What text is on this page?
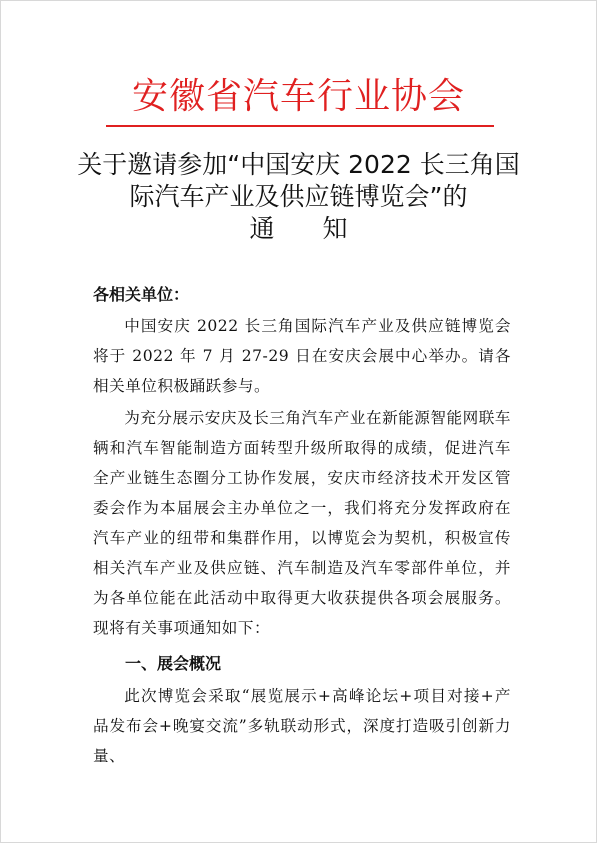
安徽省汽车行业协会
关于邀请参加“中国安庆 2022 长三角国
际汽车产业及供应链博览会”的
通 知
各相关单位：

中国安庆 2022 长三角国际汽车产业及供应链博览会将于 2022 年 7 月 27-29 日在安庆会展中心举办。请各相关单位积极踊跃参与。

为充分展示安庆及长三角汽车产业在新能源智能网联车辆和汽车智能制造方面转型升级所取得的成绩，促进汽车全产业链生态圈分工协作发展，安庆市经济技术开发区管委会作为本届展会主办单位之一，我们将充分发挥政府在汽车产业的纽带和集群作用，以博览会为契机，积极宣传相关汽车产业及供应链、汽车制造及汽车零部件单位，并为各单位能在此活动中取得更大收获提供各项会展服务。现将有关事项通知如下：

一、展会概况

此次博览会采取“展览展示+高峰论坛+项目对接+产品发布会+晚宴交流”多轨联动形式，深度打造吸引创新力量、
